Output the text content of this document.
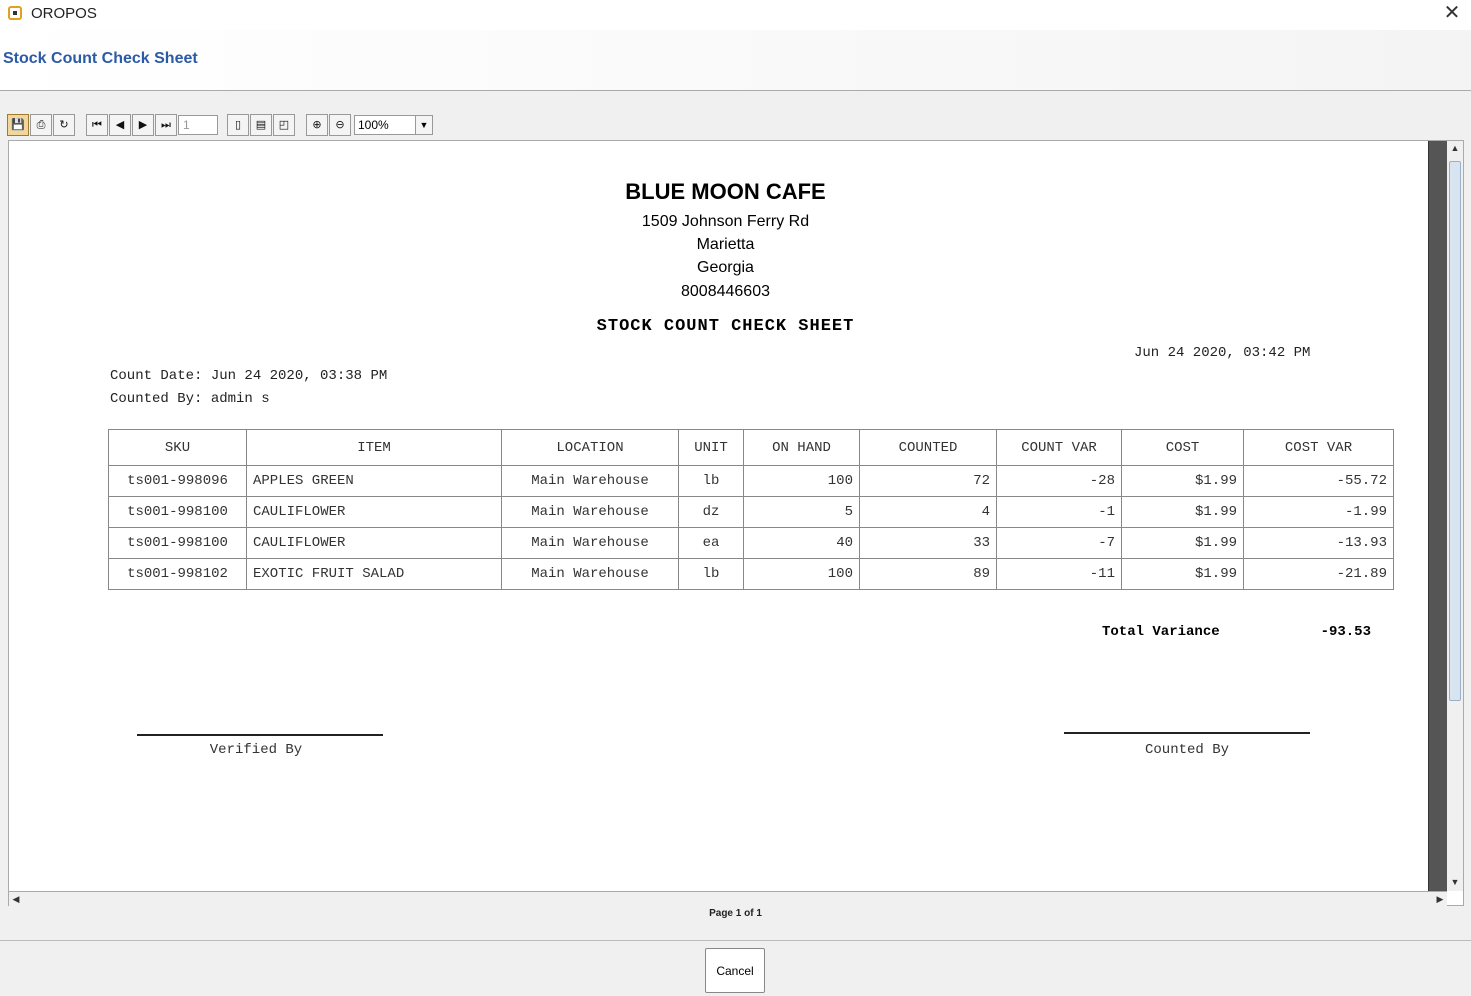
OROPOS	✕
Stock Count Check Sheet
💾	⎙	↻	⏮	◀	▶	⏭	1	▯	▤	◰	⊕	⊖	100%	▼
BLUE MOON CAFE
1509 Johnson Ferry Rd
Marietta
Georgia
8008446603
STOCK COUNT CHECK SHEET
Jun 24 2020, 03:42 PM
Count Date: Jun 24 2020, 03:38 PM
Counted By: admin s
SKU	ITEM	LOCATION	UNIT	ON HAND	COUNTED	COUNT VAR	COST	COST VAR
ts001-998096	APPLES GREEN	Main Warehouse	lb	100	72	-28	$1.99	-55.72
ts001-998100	CAULIFLOWER	Main Warehouse	dz	5	4	-1	$1.99	-1.99
ts001-998100	CAULIFLOWER	Main Warehouse	ea	40	33	-7	$1.99	-13.93
ts001-998102	EXOTIC FRUIT SALAD	Main Warehouse	lb	100	89	-11	$1.99	-21.89
Total Variance	-93.53
Verified By	Counted By
▲
▼
◀	▶
Page 1 of 1
Cancel
